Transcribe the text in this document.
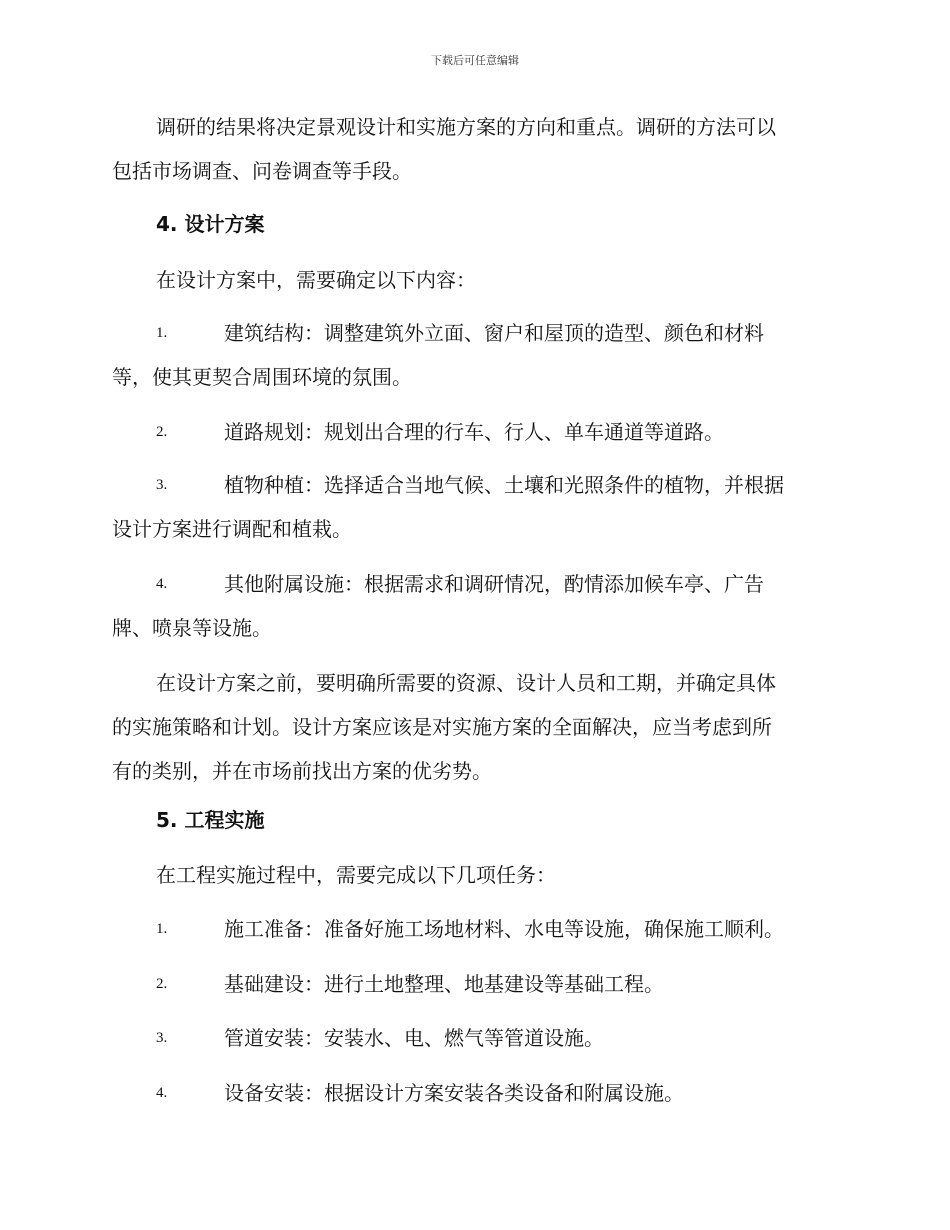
下载后可任意编辑
调研的结果将决定景观设计和实施方案的方向和重点。调研的方法可以
包括市场调查、问卷调查等手段。
4. 设计方案
在设计方案中，需要确定以下内容：
1.	建筑结构：调整建筑外立面、窗户和屋顶的造型、颜色和材料
等，使其更契合周围环境的氛围。
2.	道路规划：规划出合理的行车、行人、单车通道等道路。
3.	植物种植：选择适合当地气候、土壤和光照条件的植物，并根据
设计方案进行调配和植栽。
4.	其他附属设施：根据需求和调研情况，酌情添加候车亭、广告
牌、喷泉等设施。
在设计方案之前，要明确所需要的资源、设计人员和工期，并确定具体
的实施策略和计划。设计方案应该是对实施方案的全面解决，应当考虑到所
有的类别，并在市场前找出方案的优劣势。
5. 工程实施
在工程实施过程中，需要完成以下几项任务：
1.	施工准备：准备好施工场地材料、水电等设施，确保施工顺利。
2.	基础建设：进行土地整理、地基建设等基础工程。
3.	管道安装：安装水、电、燃气等管道设施。
4.	设备安装：根据设计方案安装各类设备和附属设施。
